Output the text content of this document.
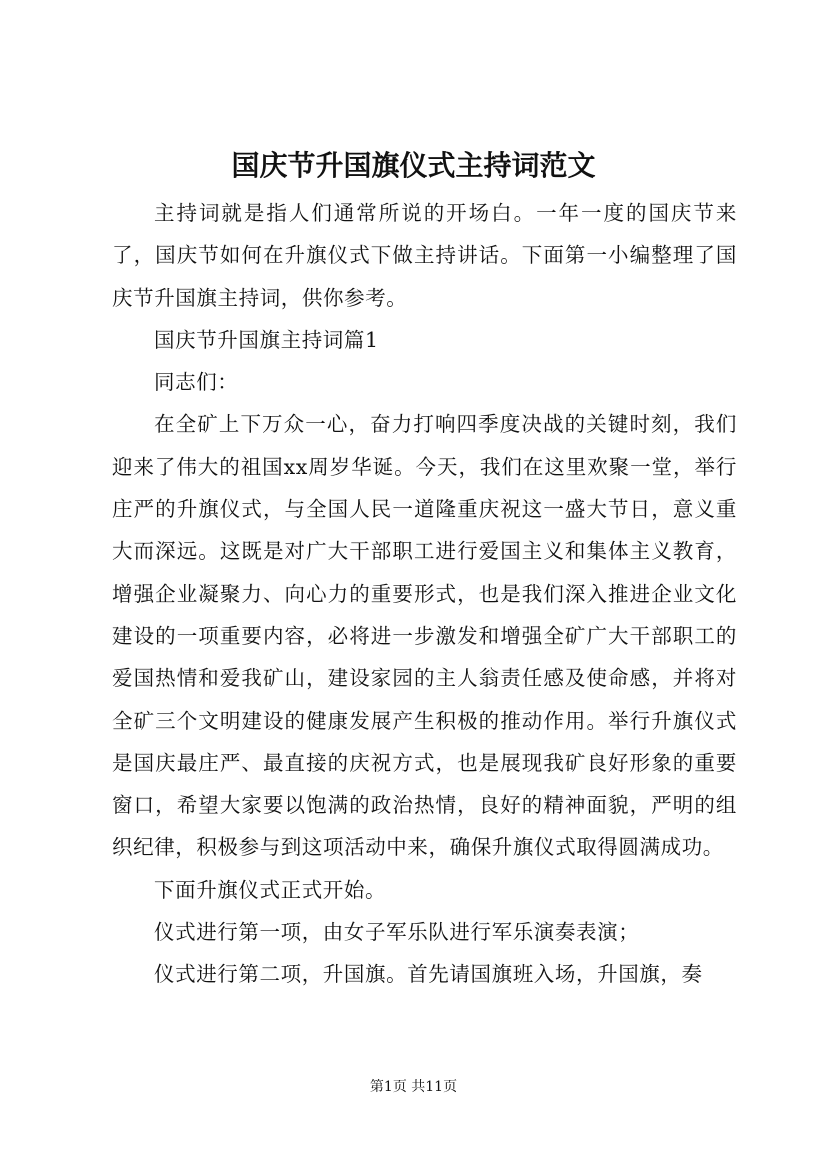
国庆节升国旗仪式主持词范文

主持词就是指人们通常所说的开场白。一年一度的国庆节来了，国庆节如何在升旗仪式下做主持讲话。下面第一小编整理了国庆节升国旗主持词，供你参考。

国庆节升国旗主持词篇1

同志们：

在全矿上下万众一心，奋力打响四季度决战的关键时刻，我们迎来了伟大的祖国xx周岁华诞。今天，我们在这里欢聚一堂，举行庄严的升旗仪式，与全国人民一道隆重庆祝这一盛大节日，意义重大而深远。这既是对广大干部职工进行爱国主义和集体主义教育，增强企业凝聚力、向心力的重要形式，也是我们深入推进企业文化建设的一项重要内容，必将进一步激发和增强全矿广大干部职工的爱国热情和爱我矿山，建设家园的主人翁责任感及使命感，并将对全矿三个文明建设的健康发展产生积极的推动作用。举行升旗仪式是国庆最庄严、最直接的庆祝方式，也是展现我矿良好形象的重要窗口，希望大家要以饱满的政治热情，良好的精神面貌，严明的组织纪律，积极参与到这项活动中来，确保升旗仪式取得圆满成功。

下面升旗仪式正式开始。

仪式进行第一项，由女子军乐队进行军乐演奏表演；

仪式进行第二项，升国旗。首先请国旗班入场，升国旗，奏

第1页 共11页
